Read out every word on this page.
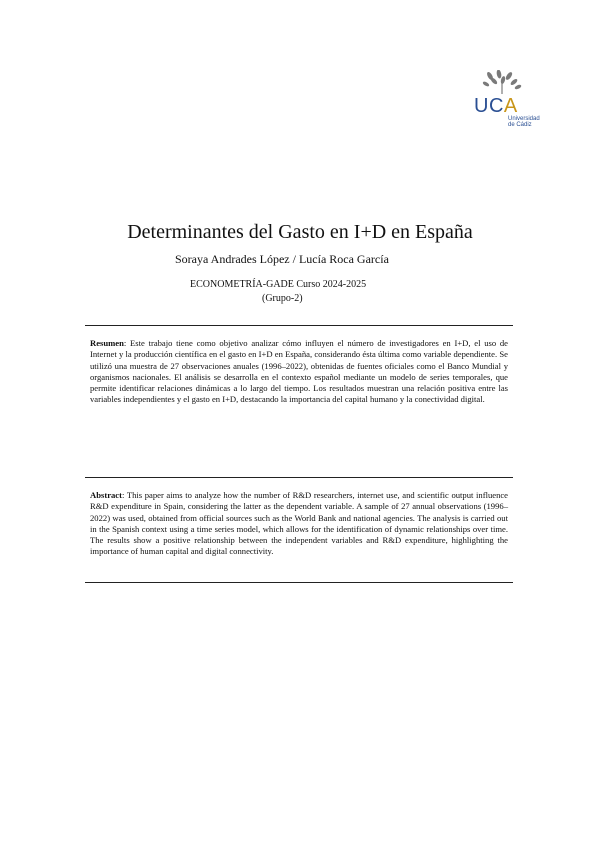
UCA
Universidad
de Cádiz
Determinantes del Gasto en I+D en España
Soraya Andrades López / Lucía Roca García
ECONOMETRÍA-GADE Curso 2024-2025
(Grupo-2)
Resumen: Este trabajo tiene como objetivo analizar cómo influyen el número de investigadores en I+D, el uso de Internet y la producción científica en el gasto en I+D en España, considerando ésta última como variable dependiente. Se utilizó una muestra de 27 observaciones anuales (1996–2022), obtenidas de fuentes oficiales como el Banco Mundial y organismos nacionales. El análisis se desarrolla en el contexto español mediante un modelo de series temporales, que permite identificar relaciones dinámicas a lo largo del tiempo. Los resultados muestran una relación positiva entre las variables independientes y el gasto en I+D, destacando la importancia del capital humano y la conectividad digital.
Abstract: This paper aims to analyze how the number of R&D researchers, internet use, and scientific output influence R&D expenditure in Spain, considering the latter as the dependent variable. A sample of 27 annual observations (1996–2022) was used, obtained from official sources such as the World Bank and national agencies. The analysis is carried out in the Spanish context using a time series model, which allows for the identification of dynamic relationships over time. The results show a positive relationship between the independent variables and R&D expenditure, highlighting the importance of human capital and digital connectivity.
